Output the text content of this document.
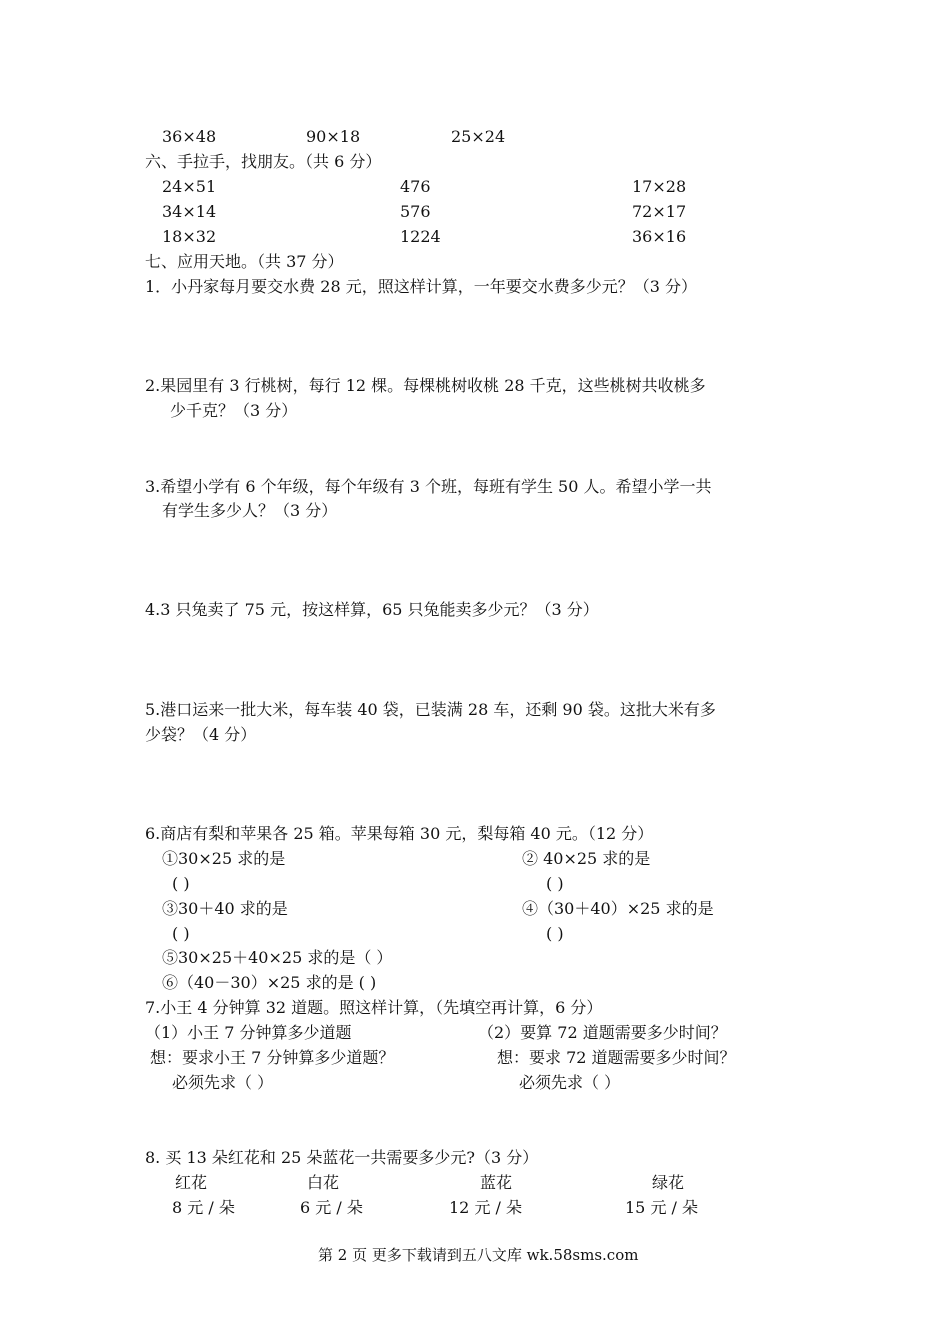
36×48	90×18	25×24
六、手拉手，找朋友。（共 6 分）
24×51	476	17×28
34×14	576	72×17
18×32	1224	36×16
七、应用天地。（共 37 分）
1．小丹家每月要交水费 28 元，照这样计算，一年要交水费多少元？（3 分）
2.果园里有 3 行桃树，每行 12 棵。每棵桃树收桃 28 千克，这些桃树共收桃多
少千克？（3 分）
3.希望小学有 6 个年级，每个年级有 3 个班，每班有学生 50 人。希望小学一共
有学生多少人？（3 分）
4.3 只兔卖了 75 元，按这样算，65 只兔能卖多少元？（3 分）
5.港口运来一批大米，每车装 40 袋，已装满 28 车，还剩 90 袋。这批大米有多
少袋？（4 分）
6.商店有梨和苹果各 25 箱。苹果每箱 30 元，梨每箱 40 元。（12 分）
①30×25 求的是	② 40×25 求的是
( )	( )
③30＋40 求的是	④（30＋40）×25 求的是
( )	( )
⑤30×25＋40×25 求的是（ ）
⑥（40－30）×25 求的是 ( )
7.小王 4 分钟算 32 道题。照这样计算，（先填空再计算，6 分）
（1）小王 7 分钟算多少道题	（2）要算 72 道题需要多少时间？
想：要求小王 7 分钟算多少道题？	想：要求 72 道题需要多少时间？
必须先求（ ）	必须先求（ ）
8. 买 13 朵红花和 25 朵蓝花一共需要多少元?（3 分）
红花	白花	蓝花	绿花
8 元 / 朵	6 元 / 朵	12 元 / 朵	15 元 / 朵
第 2 页 更多下载请到五八文库 wk.58sms.com
